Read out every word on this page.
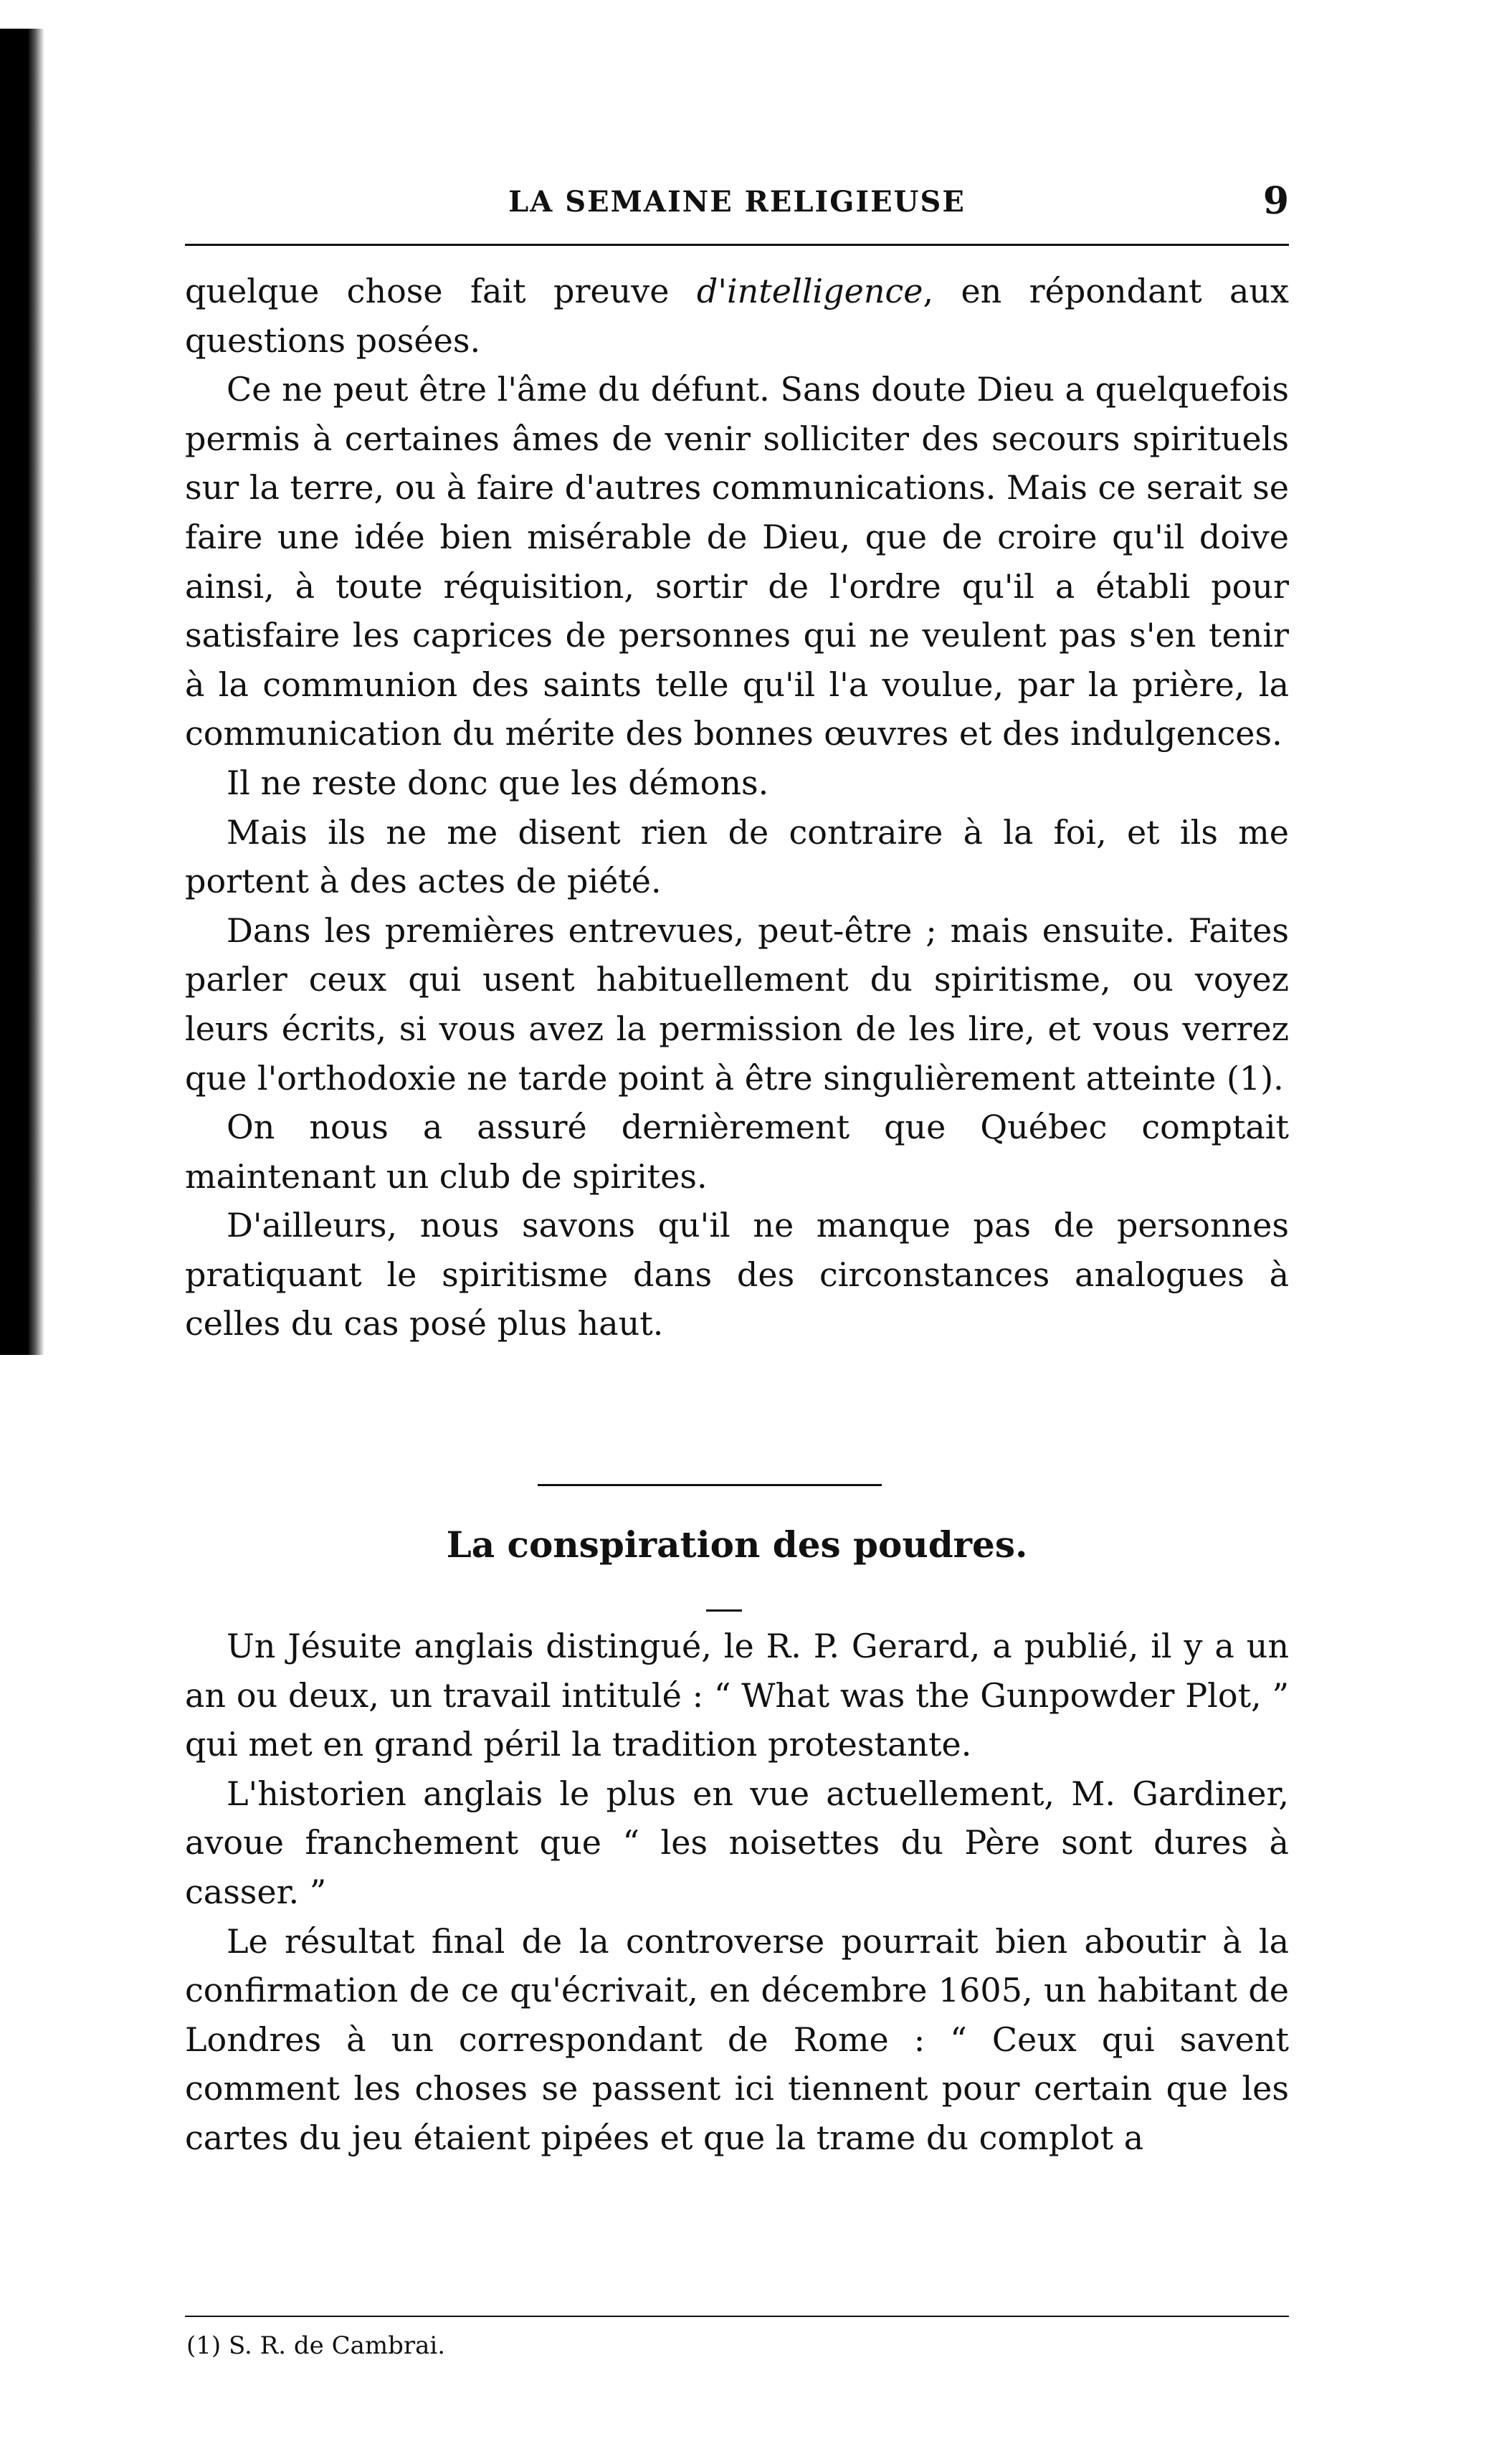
LA SEMAINE RELIGIEUSE	9

quelque chose fait preuve d'intelligence, en répondant aux questions posées.

Ce ne peut être l'âme du défunt. Sans doute Dieu a quelquefois permis à certaines âmes de venir solliciter des secours spirituels sur la terre, ou à faire d'autres communications. Mais ce serait se faire une idée bien misérable de Dieu, que de croire qu'il doive ainsi, à toute réquisition, sortir de l'ordre qu'il a établi pour satisfaire les caprices de personnes qui ne veulent pas s'en tenir à la communion des saints telle qu'il l'a voulue, par la prière, la communication du mérite des bonnes œuvres et des indulgences.

Il ne reste donc que les démons.

Mais ils ne me disent rien de contraire à la foi, et ils me portent à des actes de piété.

Dans les premières entrevues, peut-être ; mais ensuite. Faites parler ceux qui usent habituellement du spiritisme, ou voyez leurs écrits, si vous avez la permission de les lire, et vous verrez que l'orthodoxie ne tarde point à être singulièrement atteinte (1).

On nous a assuré dernièrement que Québec comptait maintenant un club de spirites.

D'ailleurs, nous savons qu'il ne manque pas de personnes pratiquant le spiritisme dans des circonstances analogues à celles du cas posé plus haut.

La conspiration des poudres.

Un Jésuite anglais distingué, le R. P. Gerard, a publié, il y a un an ou deux, un travail intitulé : “ What was the Gunpowder Plot, ” qui met en grand péril la tradition protestante.

L'historien anglais le plus en vue actuellement, M. Gardiner, avoue franchement que “ les noisettes du Père sont dures à casser. ”

Le résultat final de la controverse pourrait bien aboutir à la confirmation de ce qu'écrivait, en décembre 1605, un habitant de Londres à un correspondant de Rome : “ Ceux qui savent comment les choses se passent ici tiennent pour certain que les cartes du jeu étaient pipées et que la trame du complot a

(1) S. R. de Cambrai.
